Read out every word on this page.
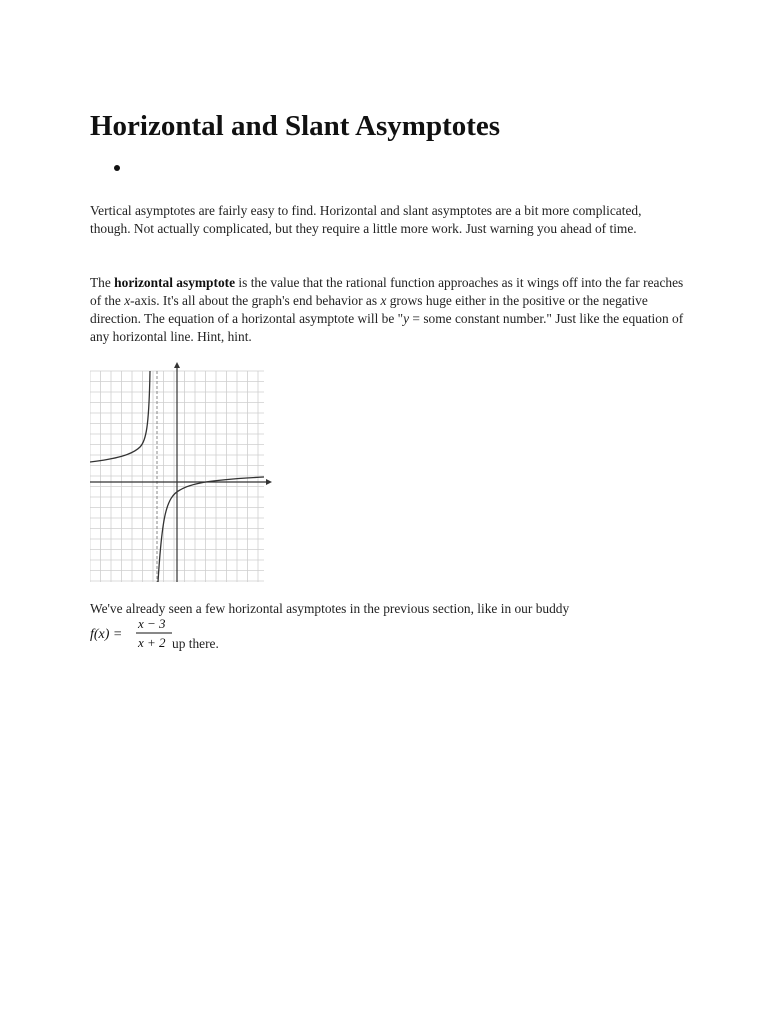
Horizontal and Slant Asymptotes

Vertical asymptotes are fairly easy to find. Horizontal and slant asymptotes are a bit more complicated, though. Not actually complicated, but they require a little more work. Just warning you ahead of time.

The horizontal asymptote is the value that the rational function approaches as it wings off into the far reaches of the x-axis. It's all about the graph's end behavior as x grows huge either in the positive or the negative direction. The equation of a horizontal asymptote will be "y = some constant number." Just like the equation of any horizontal line. Hint, hint.

We've already seen a few horizontal asymptotes in the previous section, like in our buddy

f(x) =
x − 3
x + 2 up there.
